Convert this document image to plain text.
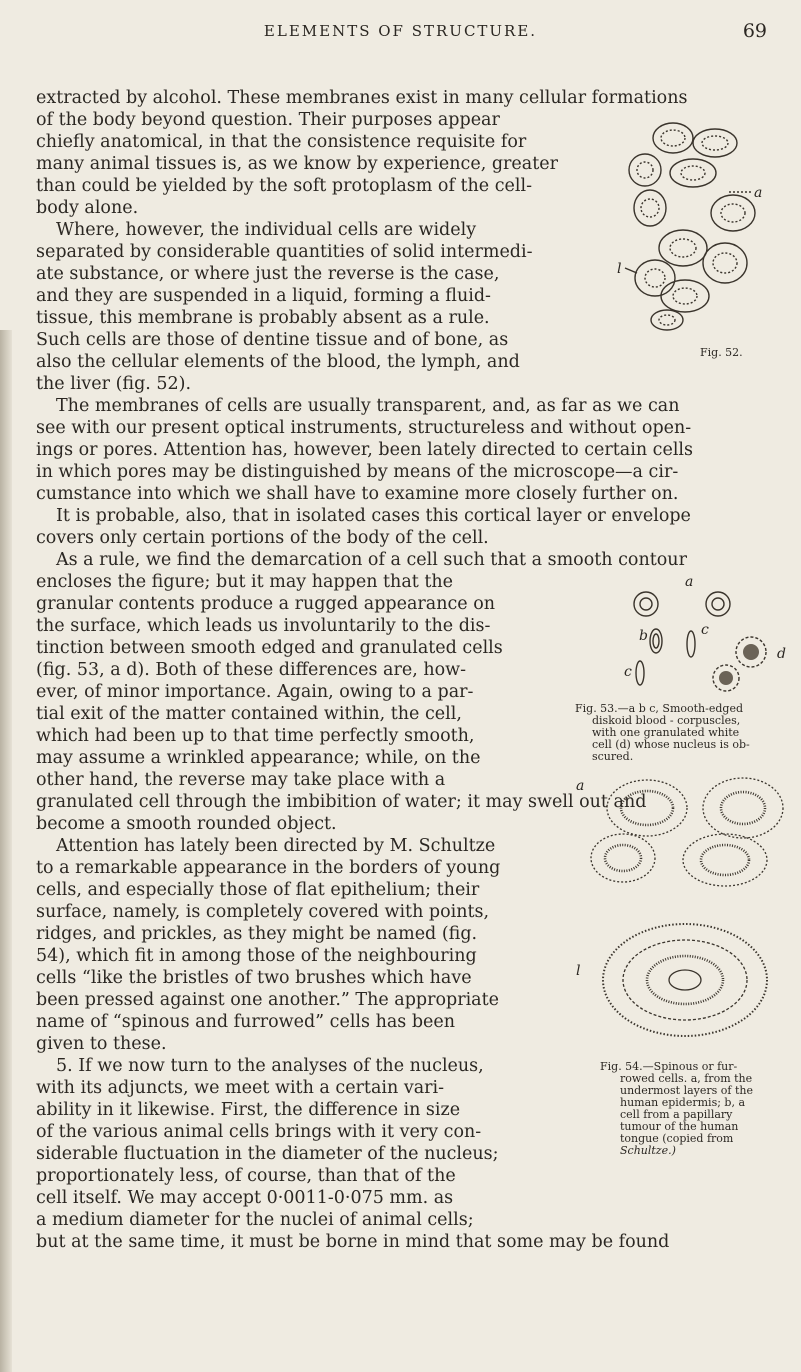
ELEMENTS OF STRUCTURE.	69
extracted by alcohol. These membranes exist in many cellular formations
of the body beyond question. Their purposes appear
chiefly anatomical, in that the consistence requisite for
many animal tissues is, as we know by experience, greater
than could be yielded by the soft protoplasm of the cell-
body alone.
Where, however, the individual cells are widely
separated by considerable quantities of solid intermedi-
ate substance, or where just the reverse is the case,
and they are suspended in a liquid, forming a fluid-
tissue, this membrane is probably absent as a rule.
Such cells are those of dentine tissue and of bone, as
also the cellular elements of the blood, the lymph, and
the liver (fig. 52).
The membranes of cells are usually transparent, and, as far as we can
see with our present optical instruments, structureless and without open-
ings or pores. Attention has, however, been lately directed to certain cells
in which pores may be distinguished by means of the microscope—a cir-
cumstance into which we shall have to examine more closely further on.
It is probable, also, that in isolated cases this cortical layer or envelope
covers only certain portions of the body of the cell.
As a rule, we find the demarcation of a cell such that a smooth contour
encloses the figure; but it may happen that the
granular contents produce a rugged appearance on
the surface, which leads us involuntarily to the dis-
tinction between smooth edged and granulated cells
(fig. 53, a d). Both of these differences are, how-
ever, of minor importance. Again, owing to a par-
tial exit of the matter contained within, the cell,
which had been up to that time perfectly smooth,
may assume a wrinkled appearance; while, on the
other hand, the reverse may take place with a
granulated cell through the imbibition of water; it may swell out and
become a smooth rounded object.
Attention has lately been directed by M. Schultze
to a remarkable appearance in the borders of young
cells, and especially those of flat epithelium; their
surface, namely, is completely covered with points,
ridges, and prickles, as they might be named (fig.
54), which fit in among those of the neighbouring
cells “like the bristles of two brushes which have
been pressed against one another.” The appropriate
name of “spinous and furrowed” cells has been
given to these.
5. If we now turn to the analyses of the nucleus,
with its adjuncts, we meet with a certain vari-
ability in it likewise. First, the difference in size
of the various animal cells brings with it very con-
siderable fluctuation in the diameter of the nucleus;
proportionately less, of course, than that of the
cell itself. We may accept 0·0011-0·075 mm. as
a medium diameter for the nuclei of animal cells;
but at the same time, it must be borne in mind that some may be found
a
l
Fig. 52.
a
b	c
d
c
Fig. 53.—a b c, Smooth-edged
diskoid blood - corpuscles,
with one granulated white
cell (d) whose nucleus is ob-
scured.
a
l
Fig. 54.—Spinous or fur-
rowed cells. a, from the
undermost layers of the
human epidermis; b, a
cell from a papillary
tumour of the human
tongue (copied from
Schultze.)
